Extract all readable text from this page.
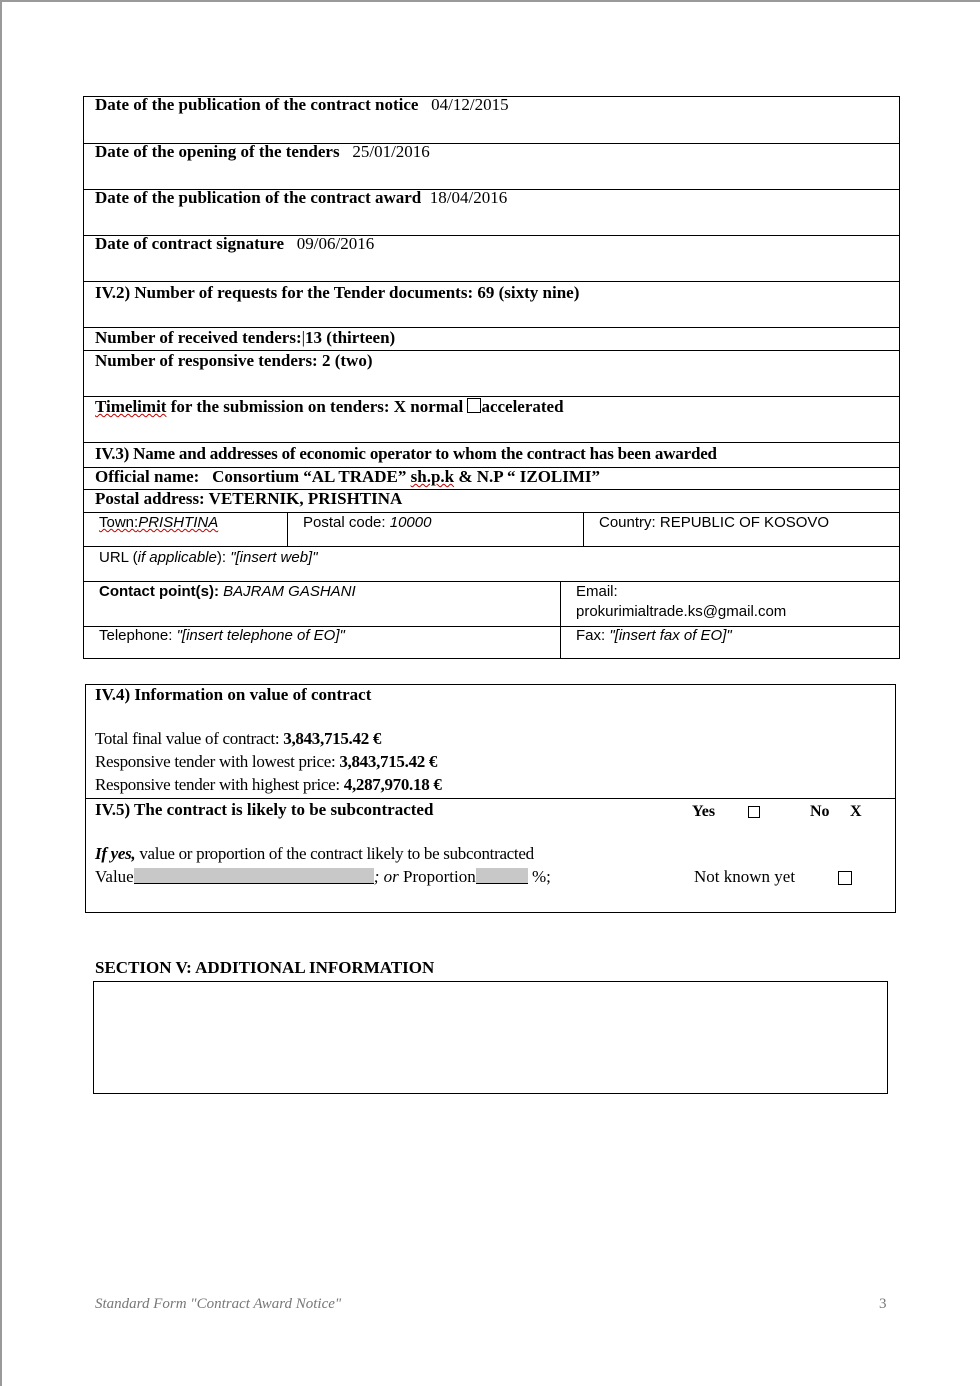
Date of the publication of the contract notice 04/12/2015
Date of the opening of the tenders 25/01/2016
Date of the publication of the contract award 18/04/2016
Date of contract signature 09/06/2016
IV.2) Number of requests for the Tender documents: 69 (sixty nine)
Number of received tenders:|13 (thirteen)
Number of responsive tenders: 2 (two)
Timelimit for the submission on tenders: X normal accelerated
IV.3) Name and addresses of economic operator to whom the contract has been awarded
Official name: Consortium “AL TRADE” sh.p.k & N.P “ IZOLIMI”
Postal address: VETERNIK, PRISHTINA
Town:PRISHTINA	Postal code: 10000	Country: REPUBLIC OF KOSOVO
URL (if applicable): "[insert web]"
Contact point(s): BAJRAM GASHANI	Email:
prokurimialtrade.ks@gmail.com
Telephone: "[insert telephone of EO]"	Fax: "[insert fax of EO]"
IV.4) Information on value of contract
Total final value of contract: 3,843,715.42 €
Responsive tender with lowest price: 3,843,715.42 €
Responsive tender with highest price: 4,287,970.18 €
IV.5) The contract is likely to be subcontracted	Yes	No X
If yes, value or proportion of the contract likely to be subcontracted
Value	; or Proportion	%;	Not known yet
SECTION V: ADDITIONAL INFORMATION
Standard Form "Contract Award Notice"	3
